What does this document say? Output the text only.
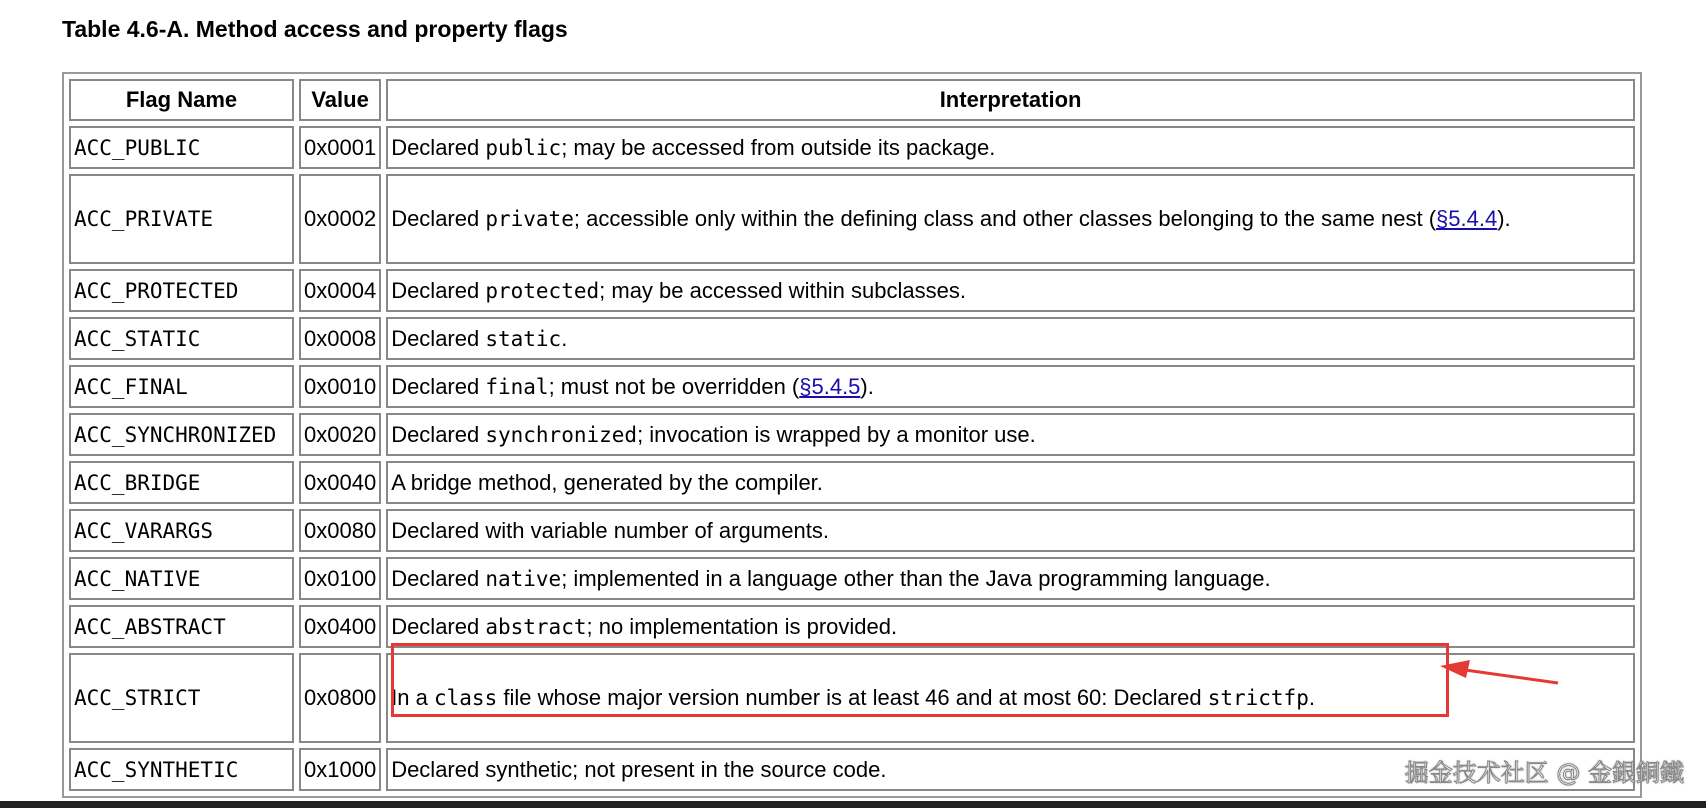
Table 4.6-A. Method access and property flags
Flag Name	Value	Interpretation
ACC_PUBLIC	0x0001	Declared public; may be accessed from outside its package.
ACC_PRIVATE	0x0002	Declared private; accessible only within the defining class and other classes belonging to the same nest (§5.4.4).
ACC_PROTECTED	0x0004	Declared protected; may be accessed within subclasses.
ACC_STATIC	0x0008	Declared static.
ACC_FINAL	0x0010	Declared final; must not be overridden (§5.4.5).
ACC_SYNCHRONIZED	0x0020	Declared synchronized; invocation is wrapped by a monitor use.
ACC_BRIDGE	0x0040	A bridge method, generated by the compiler.
ACC_VARARGS	0x0080	Declared with variable number of arguments.
ACC_NATIVE	0x0100	Declared native; implemented in a language other than the Java programming language.
ACC_ABSTRACT	0x0400	Declared abstract; no implementation is provided.
ACC_STRICT	0x0800	In a class file whose major version number is at least 46 and at most 60: Declared strictfp.
ACC_SYNTHETIC	0x1000	Declared synthetic; not present in the source code.	掘金技术社区 @ 金銀銅鐵
